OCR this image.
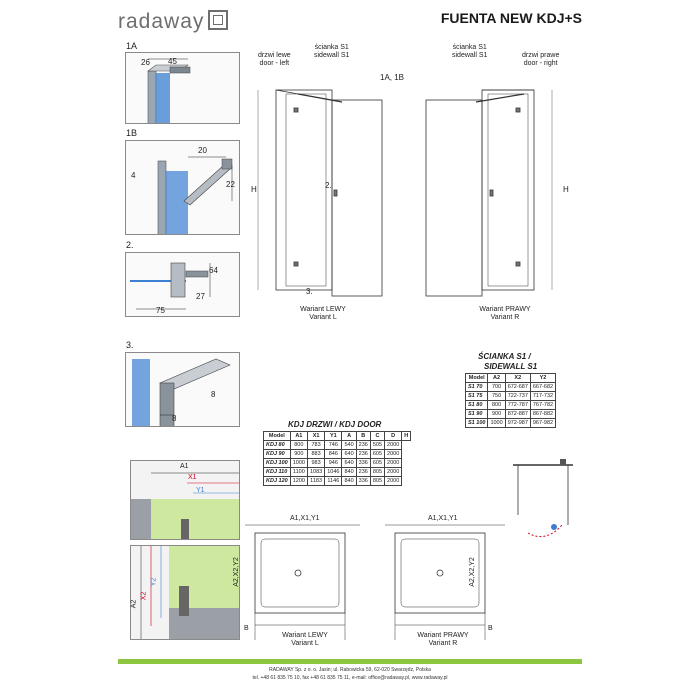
radaway	FUENTA NEW KDJ+S
1A
26 45
1B
20
4
22
2.
64
27
75
3.
8
8
drzwi lewe
door - left
ścianka S1
sidewall S1
1A, 1B
2.
3.
H
Wariant LEWY
Variant L
ścianka S1
sidewall S1	drzwi prawe
door - right
H
Wariant PRAWY
Variant R
ŚCIANKA S1 /
SIDEWALL S1
Model	A2	X2	Y2
S1 70	700	672-687	667-682
S1 75	750	722-737	717-732
S1 80	800	772-787	767-782
S1 90	900	872-887	867-882
S1 100	1000	972-987	967-982
KDJ DRZWI / KDJ DOOR
Model	A1	X1	Y1	A	B	C	D	H
KDJ 80	800	783	746	540	236	505	2000	
KDJ 90	900	883	846	640	236	605	2000	
KDJ 100	1000	983	946	640	336	605	2000	
KDJ 110	1100	1083	1046	840	236	805	2000	
KDJ 120	1200	1183	1146	840	336	805	2000	
A1
X1
Y1
A2
X2
Y2
A1,X1,Y1
A2,X2,Y2
B
Wariant LEWY
Variant L
A1,X1,Y1
A2,X2,Y2
B
Wariant PRAWY
Variant R
RADAWAY Sp. z o. o. Jasin; ul. Rabowicka 59, 62-020 Swarzędz, Polska
tel. +48 61 835 75 10, fax +48 61 835 75 11, e-mail: office@radaway.pl, www.radaway.pl
